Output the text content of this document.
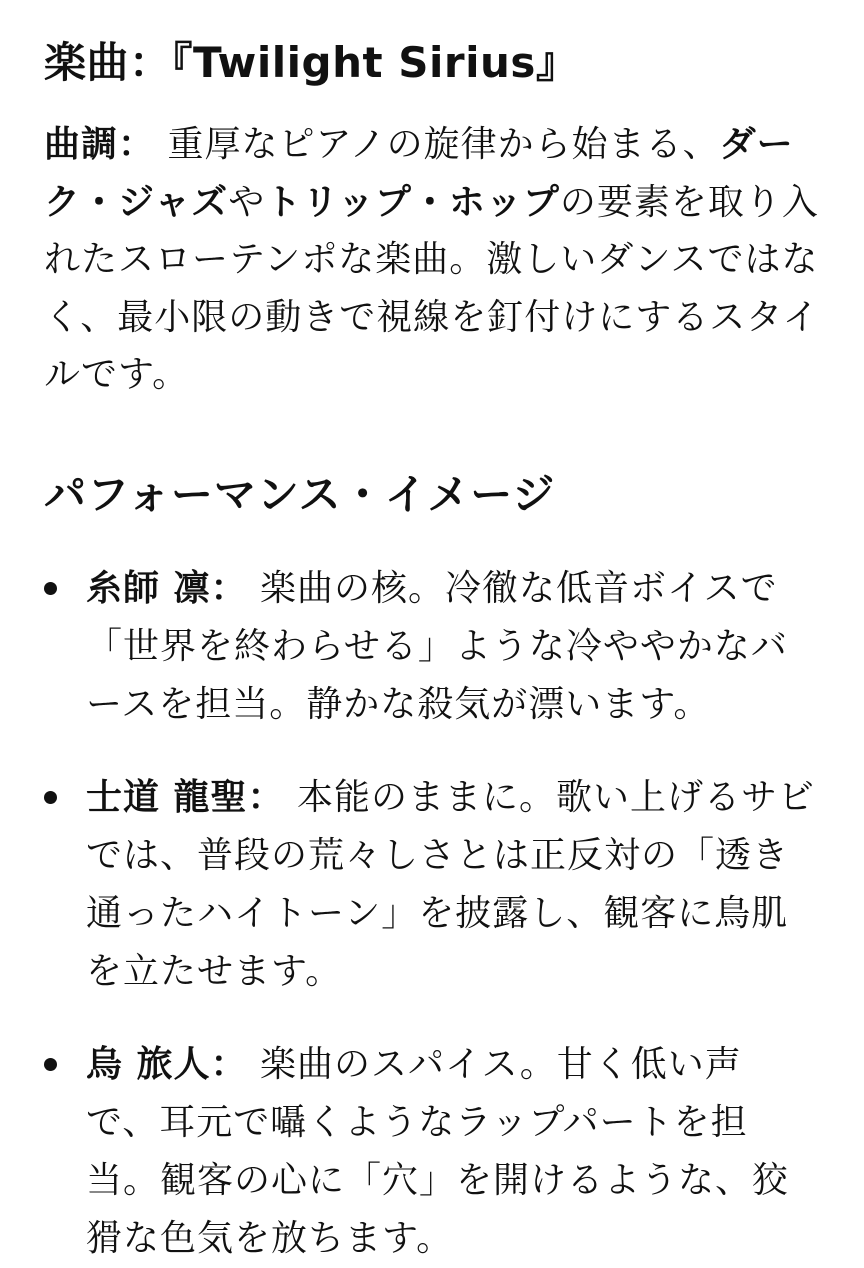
楽曲：『Twilight Sirius』

曲調： 重厚なピアノの旋律から始まる、ダーク・ジャズやトリップ・ホップの要素を取り入れたスローテンポな楽曲。激しいダンスではなく、最小限の動きで視線を釘付けにするスタイルです。

パフォーマンス・イメージ
糸師 凛： 楽曲の核。冷徹な低音ボイスで「世界を終わらせる」ような冷ややかなバースを担当。静かな殺気が漂います。
士道 龍聖： 本能のままに。歌い上げるサビでは、普段の荒々しさとは正反対の「透き通ったハイトーン」を披露し、観客に鳥肌を立たせます。
烏 旅人： 楽曲のスパイス。甘く低い声
で、耳元で囁くようなラップパートを担
当。観客の心に「穴」を開けるような、狡猾な色気を放ちます。
